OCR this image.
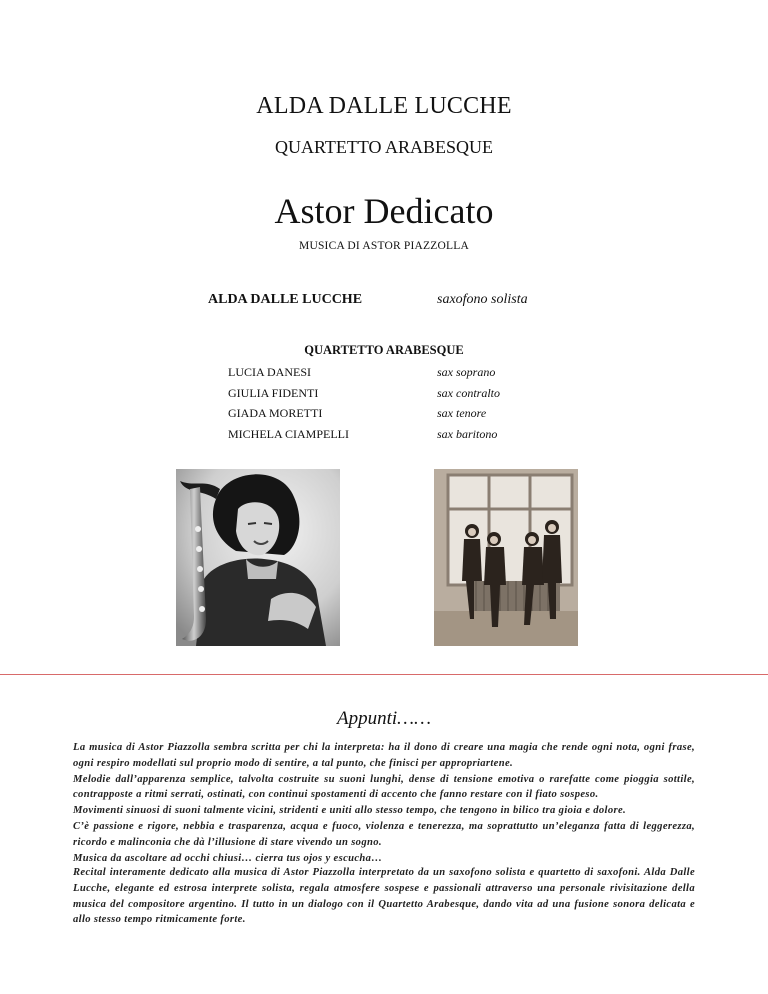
ALDA DALLE LUCCHE
QUARTETTO ARABESQUE
Astor Dedicato
MUSICA DI ASTOR PIAZZOLLA
ALDA DALLE LUCCHE	saxofono solista
QUARTETTO ARABESQUE
LUCIA DANESI	sax soprano
GIULIA FIDENTI	sax contralto
GIADA MORETTI	sax tenore
MICHELA CIAMPELLI	sax baritono
Appunti……

La musica di Astor Piazzolla sembra scritta per chi la interpreta: ha il dono di creare una magia che rende ogni nota, ogni frase, ogni respiro modellati sul proprio modo di sentire, a tal punto, che finisci per appropriartene.

Melodie dall’apparenza semplice, talvolta costruite su suoni lunghi, dense di tensione emotiva o rarefatte come pioggia sottile, contrapposte a ritmi serrati, ostinati, con continui spostamenti di accento che fanno restare con il fiato sospeso.

Movimenti sinuosi di suoni talmente vicini, stridenti e uniti allo stesso tempo, che tengono in bilico tra gioia e dolore.

C’è passione e rigore, nebbia e trasparenza, acqua e fuoco, violenza e tenerezza, ma soprattutto un’eleganza fatta di leggerezza, ricordo e malinconia che dà l’illusione di stare vivendo un sogno.

Musica da ascoltare ad occhi chiusi… cierra tus ojos y escucha…

Recital interamente dedicato alla musica di Astor Piazzolla interpretato da un saxofono solista e quartetto di saxofoni. Alda Dalle Lucche, elegante ed estrosa interprete solista, regala atmosfere sospese e passionali attraverso una personale rivisitazione della musica del compositore argentino. Il tutto in un dialogo con il Quartetto Arabesque, dando vita ad una fusione sonora delicata e allo stesso tempo ritmicamente forte.
